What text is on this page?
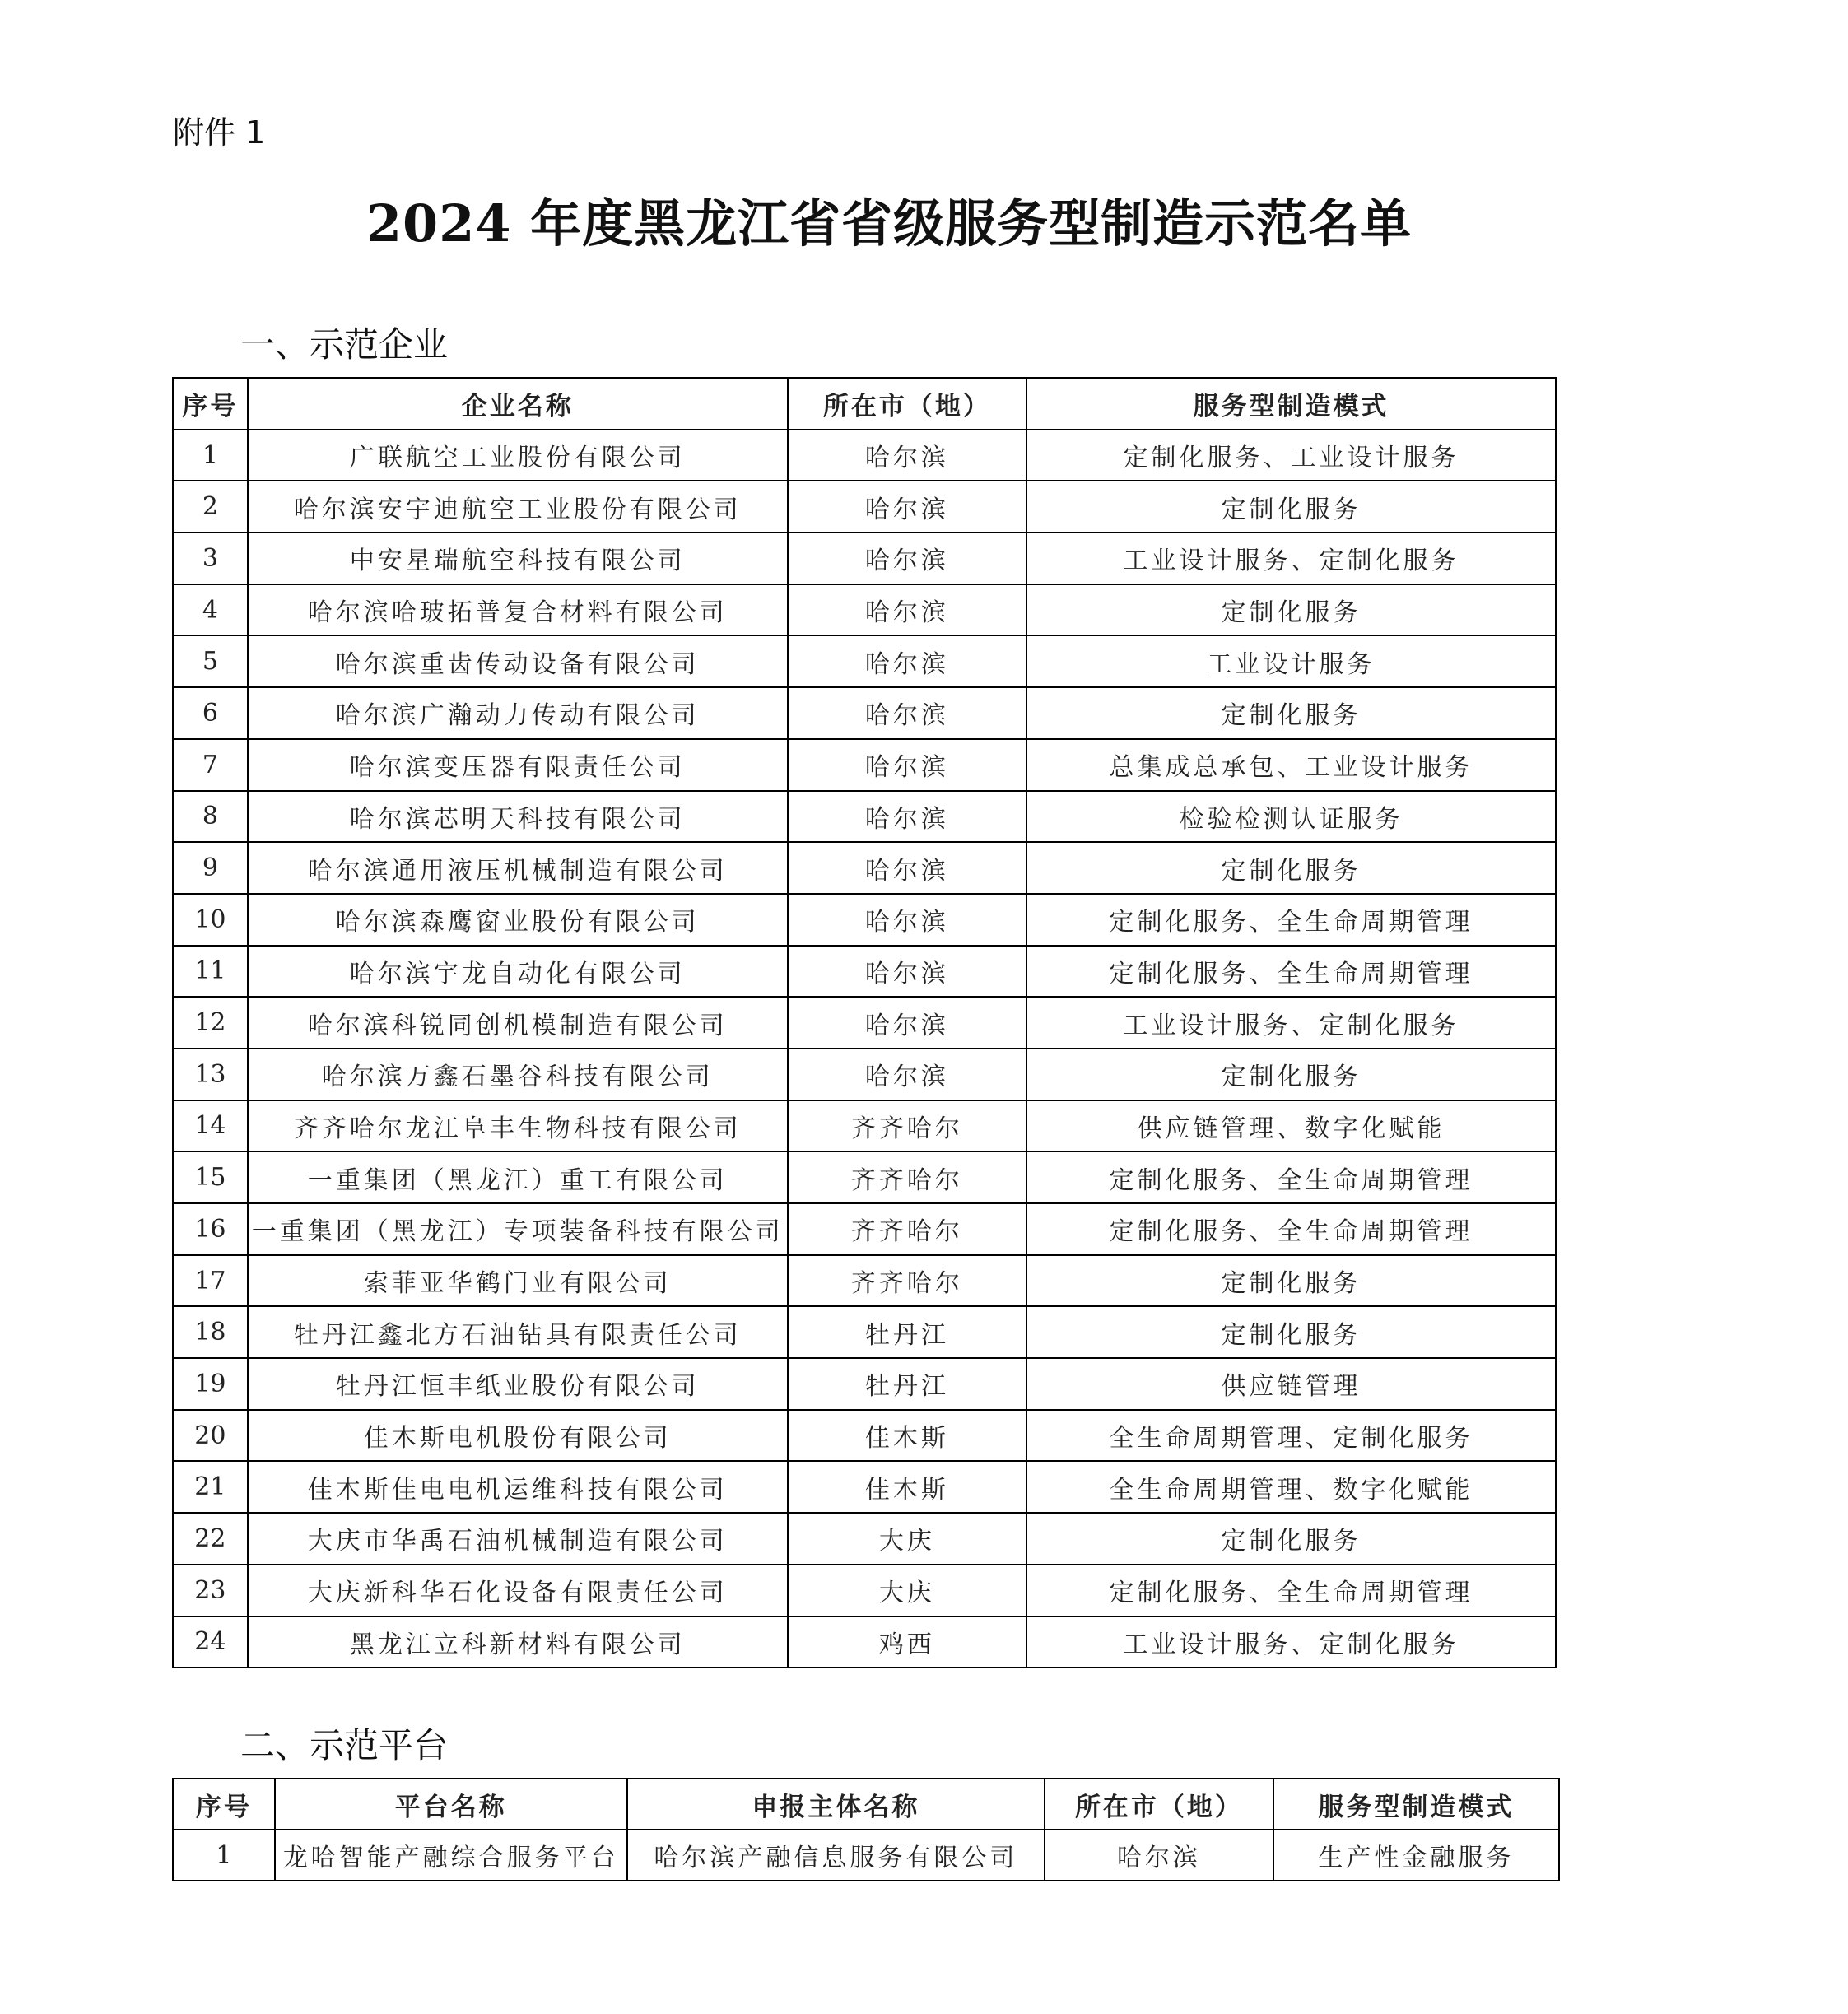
附件 1
2024 年度黑龙江省省级服务型制造示范名单
一、示范企业
序号	企业名称	所在市（地）	服务型制造模式
1	广联航空工业股份有限公司	哈尔滨	定制化服务、工业设计服务
2	哈尔滨安宇迪航空工业股份有限公司	哈尔滨	定制化服务
3	中安星瑞航空科技有限公司	哈尔滨	工业设计服务、定制化服务
4	哈尔滨哈玻拓普复合材料有限公司	哈尔滨	定制化服务
5	哈尔滨重齿传动设备有限公司	哈尔滨	工业设计服务
6	哈尔滨广瀚动力传动有限公司	哈尔滨	定制化服务
7	哈尔滨变压器有限责任公司	哈尔滨	总集成总承包、工业设计服务
8	哈尔滨芯明天科技有限公司	哈尔滨	检验检测认证服务
9	哈尔滨通用液压机械制造有限公司	哈尔滨	定制化服务
10	哈尔滨森鹰窗业股份有限公司	哈尔滨	定制化服务、全生命周期管理
11	哈尔滨宇龙自动化有限公司	哈尔滨	定制化服务、全生命周期管理
12	哈尔滨科锐同创机模制造有限公司	哈尔滨	工业设计服务、定制化服务
13	哈尔滨万鑫石墨谷科技有限公司	哈尔滨	定制化服务
14	齐齐哈尔龙江阜丰生物科技有限公司	齐齐哈尔	供应链管理、数字化赋能
15	一重集团（黑龙江）重工有限公司	齐齐哈尔	定制化服务、全生命周期管理
16	一重集团（黑龙江）专项装备科技有限公司	齐齐哈尔	定制化服务、全生命周期管理
17	索菲亚华鹤门业有限公司	齐齐哈尔	定制化服务
18	牡丹江鑫北方石油钻具有限责任公司	牡丹江	定制化服务
19	牡丹江恒丰纸业股份有限公司	牡丹江	供应链管理
20	佳木斯电机股份有限公司	佳木斯	全生命周期管理、定制化服务
21	佳木斯佳电电机运维科技有限公司	佳木斯	全生命周期管理、数字化赋能
22	大庆市华禹石油机械制造有限公司	大庆	定制化服务
23	大庆新科华石化设备有限责任公司	大庆	定制化服务、全生命周期管理
24	黑龙江立科新材料有限公司	鸡西	工业设计服务、定制化服务
二、示范平台
序号	平台名称	申报主体名称	所在市（地）	服务型制造模式
1	龙哈智能产融综合服务平台	哈尔滨产融信息服务有限公司	哈尔滨	生产性金融服务
